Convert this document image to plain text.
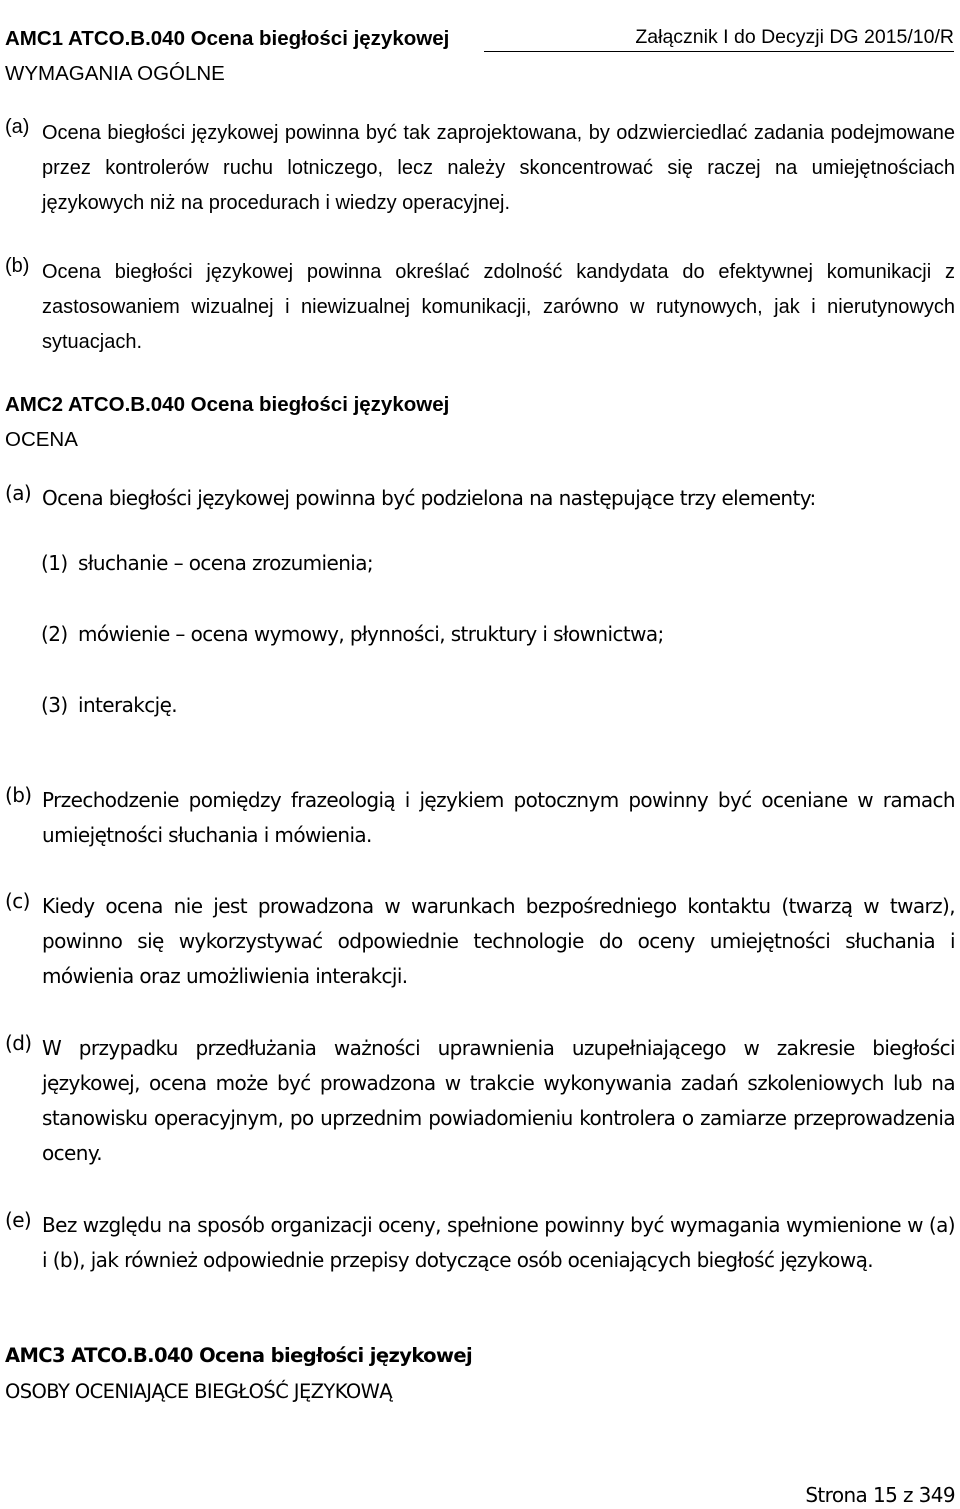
Załącznik I do Decyzji DG 2015/10/R
AMC1 ATCO.B.040 Ocena biegłości językowej
WYMAGANIA OGÓLNE
(a) Ocena biegłości językowej powinna być tak zaprojektowana, by odzwierciedlać zadania podejmowane przez kontrolerów ruchu lotniczego, lecz należy skoncentrować się raczej na umiejętnościach językowych niż na procedurach i wiedzy operacyjnej.
(b) Ocena biegłości językowej powinna określać zdolność kandydata do efektywnej komunikacji z zastosowaniem wizualnej i niewizualnej komunikacji, zarówno w rutynowych, jak i nierutynowych sytuacjach.
AMC2 ATCO.B.040 Ocena biegłości językowej
OCENA
(a) Ocena biegłości językowej powinna być podzielona na następujące trzy elementy:
(1) słuchanie – ocena zrozumienia;
(2) mówienie – ocena wymowy, płynności, struktury i słownictwa;
(3) interakcję.
(b) Przechodzenie pomiędzy frazeologią i językiem potocznym powinny być oceniane w ramach umiejętności słuchania i mówienia.
(c) Kiedy ocena nie jest prowadzona w warunkach bezpośredniego kontaktu (twarzą w twarz), powinno się wykorzystywać odpowiednie technologie do oceny umiejętności słuchania i mówienia oraz umożliwienia interakcji.
(d) W przypadku przedłużania ważności uprawnienia uzupełniającego w zakresie biegłości językowej, ocena może być prowadzona w trakcie wykonywania zadań szkoleniowych lub na stanowisku operacyjnym, po uprzednim powiadomieniu kontrolera o zamiarze przeprowadzenia oceny.
(e) Bez względu na sposób organizacji oceny, spełnione powinny być wymagania wymienione w (a) i (b), jak również odpowiednie przepisy dotyczące osób oceniających biegłość językową.
AMC3 ATCO.B.040 Ocena biegłości językowej
OSOBY OCENIAJĄCE BIEGŁOŚĆ JĘZYKOWĄ
Strona 15 z 349
